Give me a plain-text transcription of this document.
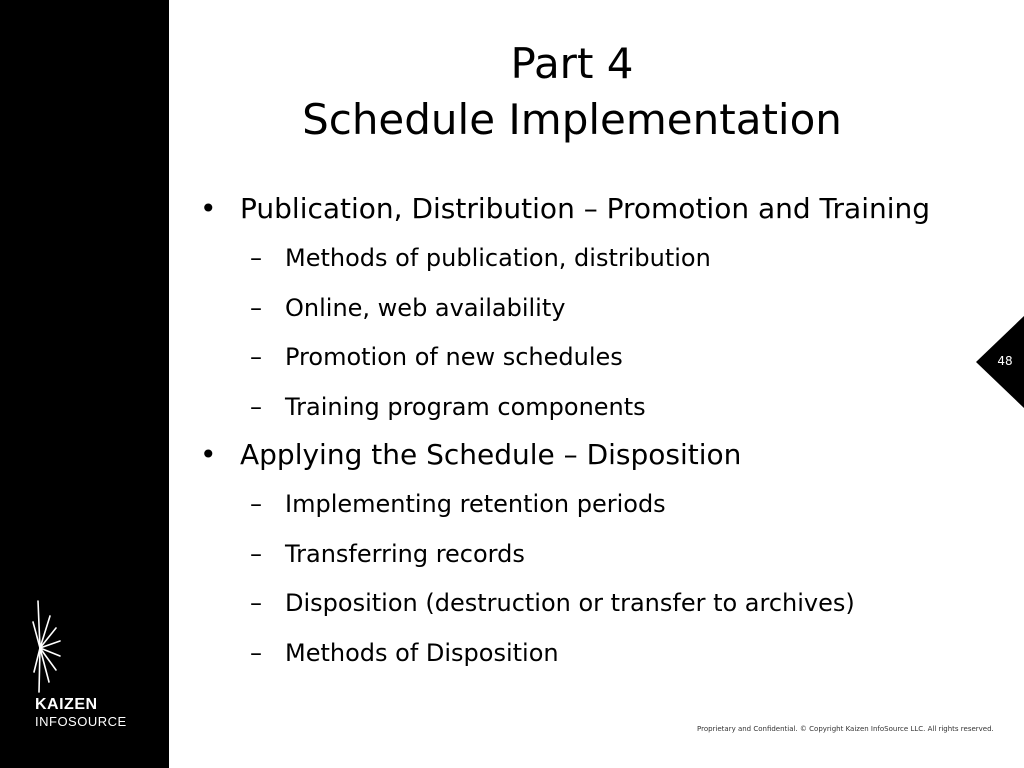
KAIZEN
INFOSOURCE
Part 4
Schedule Implementation

• Publication, Distribution – Promotion and Training

– Methods of publication, distribution

– Online, web availability

– Promotion of new schedules

– Training program components

• Applying the Schedule – Disposition

– Implementing retention periods

– Transferring records

– Disposition (destruction or transfer to archives)

– Methods of Disposition

48
Proprietary and Confidential. © Copyright Kaizen InfoSource LLC. All rights reserved.
